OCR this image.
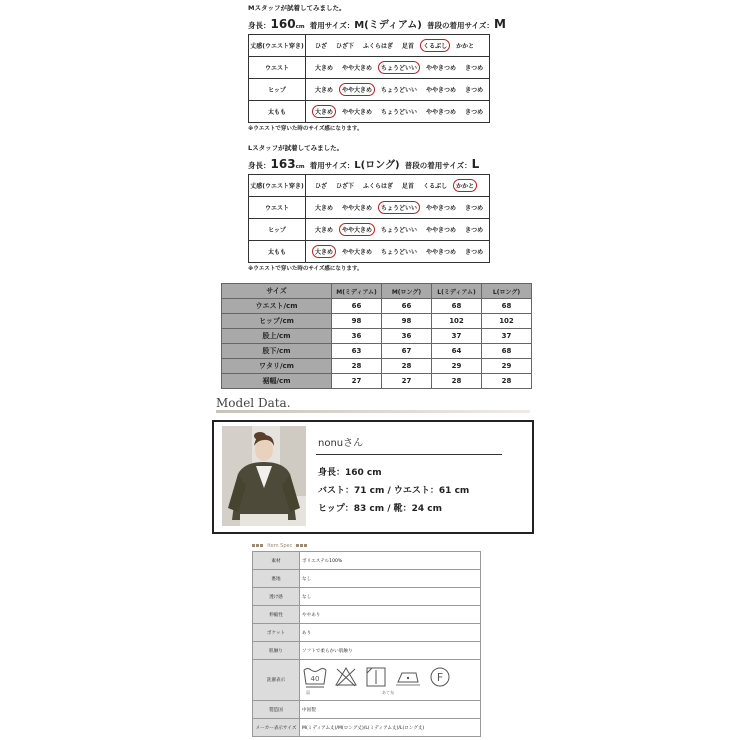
Mスタッフが試着してみました。
身長：160cm 着用サイズ：M(ミディアム) 普段の着用サイズ：M
丈感(ウエスト穿き)	ひざ ひざ下 ふくらはぎ 足首 くるぶし かかと
ウエスト	大きめ やや大きめ ちょうどいい ややきつめ きつめ
ヒップ	大きめ やや大きめ ちょうどいい ややきつめ きつめ
太もも	大きめ やや大きめ ちょうどいい ややきつめ きつめ
※ウエストで穿いた時のサイズ感になります。
Lスタッフが試着してみました。
身長：163cm 着用サイズ：L(ロング) 普段の着用サイズ：L
丈感(ウエスト穿き)	ひざ ひざ下 ふくらはぎ 足首 くるぶし かかと
ウエスト	大きめ やや大きめ ちょうどいい ややきつめ きつめ
ヒップ	大きめ やや大きめ ちょうどいい ややきつめ きつめ
太もも	大きめ やや大きめ ちょうどいい ややきつめ きつめ
※ウエストで穿いた時のサイズ感になります。
サイズ	M(ミディアム)	M(ロング)	L(ミディアム)	L(ロング)
ウエスト/cm	66	66	68	68
ヒップ/cm	98	98	102	102
股上/cm	36	36	37	37
股下/cm	63	67	64	68
ワタリ/cm	28	28	29	29
裾幅/cm	27	27	28	28
Model Data.
nonuさん
身長：160 cm
バスト：71 cm / ウエスト：61 cm
ヒップ：83 cm / 靴：24 cm
Item Spec
素材	ポリエステル100%
裏地	なし
透け感	なし
伸縮性	ややあり
ポケット	あり
肌触り	ソフトで柔らかい肌触り
洗濯表示	40 F
弱 あて布

製造国	中国製
メーカー表示サイズ	M(ミディアム丈)/M(ロング丈)/L(ミディアム丈)/L(ロング丈)
